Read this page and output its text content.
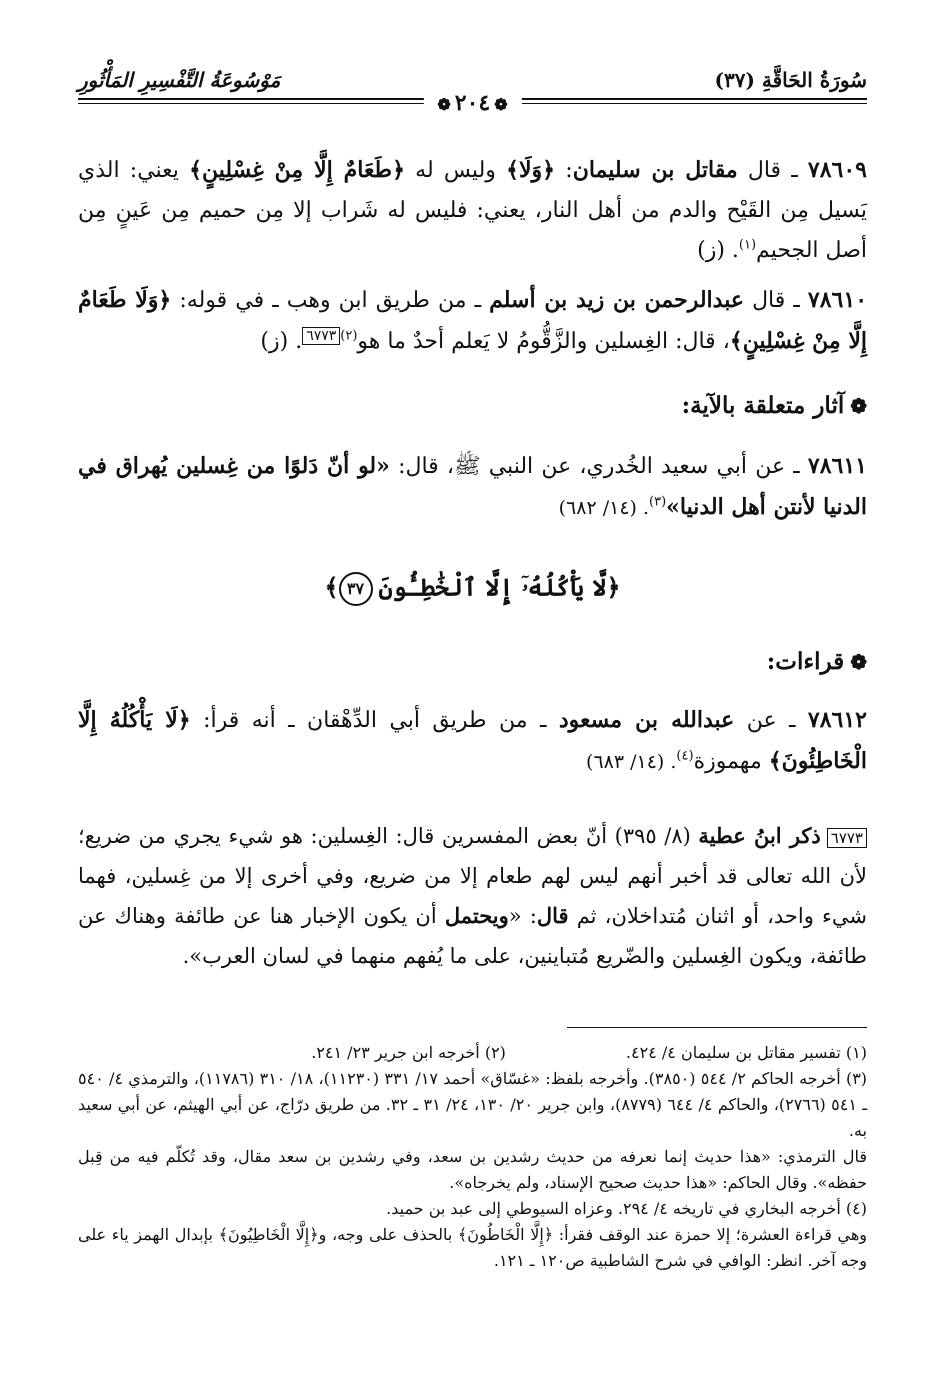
سُورَةُ الحَاقَّةِ (٣٧)
مَوْسُوعَةُ التَّفْسِيرِ المَأْثُورِ
❁٢٠٤❁

٧٨٦٠٩ ـ قال مقاتل بن سليمان: ﴿وَلَا﴾ وليس له ﴿طَعَامٌ إِلَّا مِنْ غِسْلِينٍ﴾ يعني: الذي يَسيل مِن القَيْح والدم من أهل النار، يعني: فليس له شَراب إلا مِن حميم مِن عَينٍ مِن أصل الجحيم$^{(١)}$. (ز)

٧٨٦١٠ ـ قال عبدالرحمن بن زيد بن أسلم ـ من طريق ابن وهب ـ في قوله: ﴿وَلَا طَعَامٌ إِلَّا مِنْ غِسْلِينٍ﴾، قال: الغِسلين والزَّقُّومُ لا يَعلم أحدٌ ما هو$^{(٢)}$٦٧٧٣. (ز)

❁آثار متعلقة بالآية:

٧٨٦١١ ـ عن أبي سعيد الخُدري، عن النبي ﷺ، قال: «لو أنّ دَلوًا من غِسلين يُهراق في الدنيا لأنتن أهل الدنيا»$^{(٣)}$. (١٤/ ٦٨٢)

﴿لَّا يَأْكُلُهُۥٓ إِلَّا ٱلْخَٰطِـُٔونَ٣٧﴾
❁قراءات:

٧٨٦١٢ ـ عن عبدالله بن مسعود ـ من طريق أبي الدِّهْقان ـ أنه قرأ: ﴿لَا يَأْكُلُهُ إِلَّا الْخَاطِئُونَ﴾ مهموزة$^{(٤)}$. (١٤/ ٦٨٣)

٦٧٧٣ذكر ابنُ عطية (٨/ ٣٩٥) أنّ بعض المفسرين قال: الغِسلين: هو شيء يجري من ضريع؛ لأن الله تعالى قد أخبر أنهم ليس لهم طعام إلا من ضريع، وفي أخرى إلا من غِسلين، فهما شيء واحد، أو اثنان مُتداخلان، ثم قال: «ويحتمل أن يكون الإخبار هنا عن طائفة وهناك عن طائفة، ويكون الغِسلين والضّريع مُتباينين، على ما يُفهم منهما في لسان العرب».

(١) تفسير مقاتل بن سليمان ٤/ ٤٢٤.
(٢) أخرجه ابن جرير ٢٣/ ٢٤١.

(٣) أخرجه الحاكم ٢/ ٥٤٤ (٣٨٥٠). وأخرجه بلفظ: «غسّاق» أحمد ١٧/ ٣٣١ (١١٢٣٠)، ١٨/ ٣١٠ (١١٧٨٦)، والترمذي ٤/ ٥٤٠ ـ ٥٤١ (٢٧٦٦)، والحاكم ٤/ ٦٤٤ (٨٧٧٩)، وابن جرير ٢٠/ ١٣٠، ٢٤/ ٣١ ـ ٣٢. من طريق درّاج، عن أبي الهيثم، عن أبي سعيد به.

قال الترمذي: «هذا حديث إنما نعرفه من حديث رشدين بن سعد، وفي رشدين بن سعد مقال، وقد تُكلّم فيه من قِبل حفظه». وقال الحاكم: «هذا حديث صحيح الإسناد، ولم يخرجاه».

(٤) أخرجه البخاري في تاريخه ٤/ ٢٩٤. وعزاه السيوطي إلى عبد بن حميد.

وهي قراءة العشرة؛ إلا حمزة عند الوقف فقرأ: ﴿إِلَّا الْخَاطُونَ﴾ بالحذف على وجه، و﴿إِلَّا الْخَاطِيُونَ﴾ بإبدال الهمز ياء على وجه آخر. انظر: الوافي في شرح الشاطبية ص١٢٠ ـ ١٢١.
